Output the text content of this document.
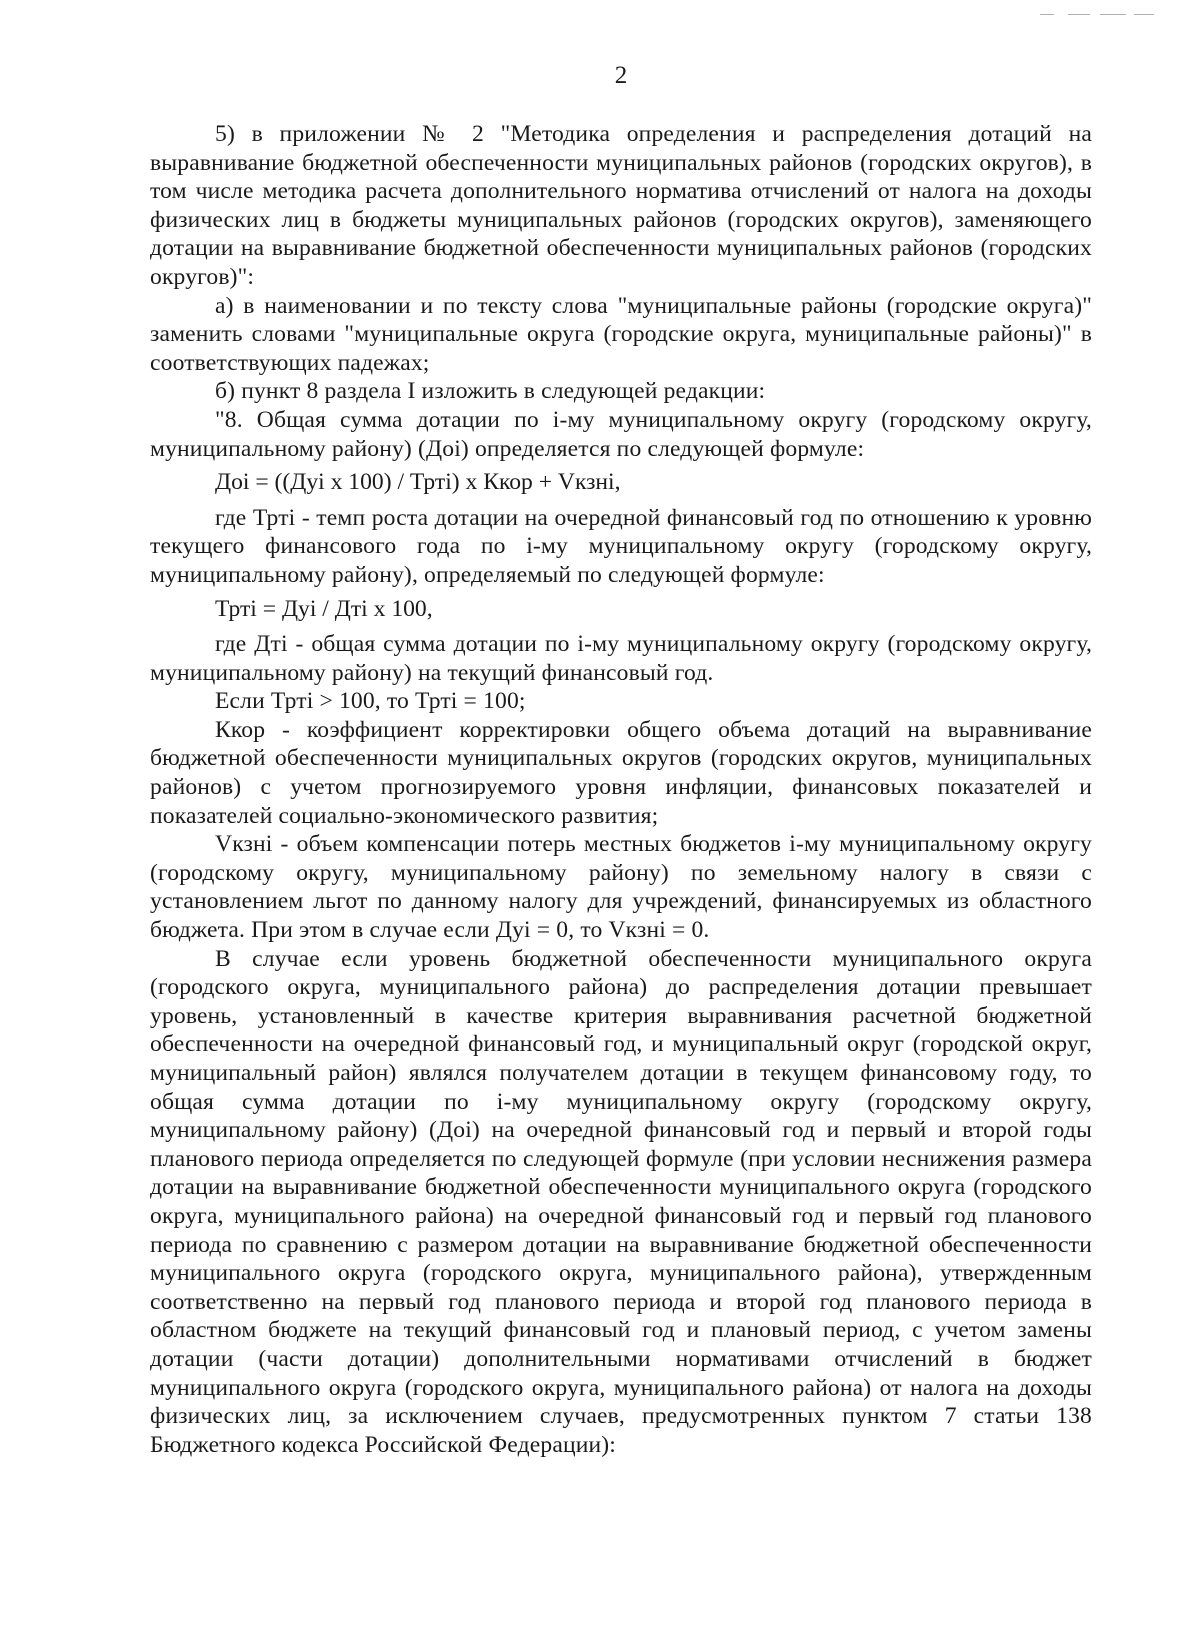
2

5) в приложении № 2 "Методика определения и распределения дотаций на выравнивание бюджетной обеспеченности муниципальных районов (городских округов), в том числе методика расчета дополнительного норматива отчислений от налога на доходы физических лиц в бюджеты муниципальных районов (городских округов), заменяющего дотации на выравнивание бюджетной обеспеченности муниципальных районов (городских округов)":

а) в наименовании и по тексту слова "муниципальные районы (городские округа)" заменить словами "муниципальные округа (городские округа, муниципальные районы)" в соответствующих падежах;

б) пункт 8 раздела I изложить в следующей редакции:

"8. Общая сумма дотации по i-му муниципальному округу (городскому округу, муниципальному району) (Доi) определяется по следующей формуле:

Доi = ((Дуi x 100) / Трті) x Ккор + Vкзні,

где Трті - темп роста дотации на очередной финансовый год по отношению к уровню текущего финансового года по i-му муниципальному округу (городскому округу, муниципальному району), определяемый по следующей формуле:

Трті = Дуi / Дті x 100,

где Дті - общая сумма дотации по i-му муниципальному округу (городскому округу, муниципальному району) на текущий финансовый год.

Если Трті > 100, то Трті = 100;

Ккор - коэффициент корректировки общего объема дотаций на выравнивание бюджетной обеспеченности муниципальных округов (городских округов, муниципальных районов) с учетом прогнозируемого уровня инфляции, финансовых показателей и показателей социально-экономического развития;

Vкзні - объем компенсации потерь местных бюджетов i-му муниципальному округу (городскому округу, муниципальному району) по земельному налогу в связи с установлением льгот по данному налогу для учреждений, финансируемых из областного бюджета. При этом в случае если Дуi = 0, то Vкзні = 0.

В случае если уровень бюджетной обеспеченности муниципального округа (городского округа, муниципального района) до распределения дотации превышает уровень, установленный в качестве критерия выравнивания расчетной бюджетной обеспеченности на очередной финансовый год, и муниципальный округ (городской округ, муниципальный район) являлся получателем дотации в текущем финансовому году, то общая сумма дотации по i-му муниципальному округу (городскому округу, муниципальному району) (Доi) на очередной финансовый год и первый и второй годы планового периода определяется по следующей формуле (при условии неснижения размера дотации на выравнивание бюджетной обеспеченности муниципального округа (городского округа, муниципального района) на очередной финансовый год и первый год планового периода по сравнению с размером дотации на выравнивание бюджетной обеспеченности муниципального округа (городского округа, муниципального района), утвержденным соответственно на первый год планового периода и второй год планового периода в областном бюджете на текущий финансовый год и плановый период, с учетом замены дотации (части дотации) дополнительными нормативами отчислений в бюджет муниципального округа (городского округа, муниципального района) от налога на доходы физических лиц, за исключением случаев, предусмотренных пунктом 7 статьи 138 Бюджетного кодекса Российской Федерации):
